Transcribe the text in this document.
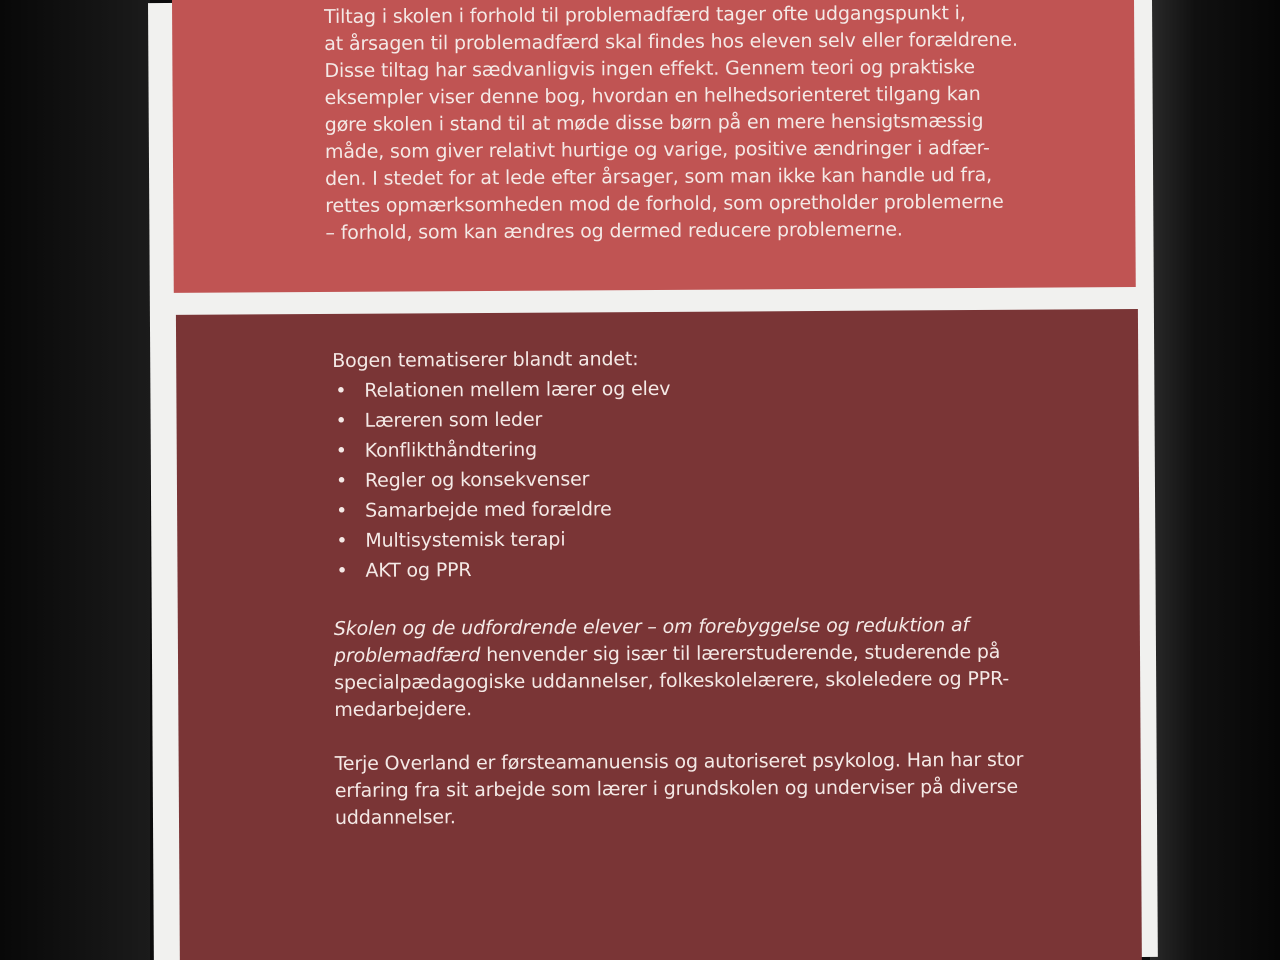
Tiltag i skolen i forhold til problemadfærd tager ofte udgangspunkt i,
at årsagen til problemadfærd skal findes hos eleven selv eller forældrene.
Disse tiltag har sædvanligvis ingen effekt. Gennem teori og praktiske
eksempler viser denne bog, hvordan en helhedsorienteret tilgang kan
gøre skolen i stand til at møde disse børn på en mere hensigtsmæssig
måde, som giver relativt hurtige og varige, positive ændringer i adfær-
den. I stedet for at lede efter årsager, som man ikke kan handle ud fra,
rettes opmærksomheden mod de forhold, som opretholder problemerne
– forhold, som kan ændres og dermed reducere problemerne.

Bogen tematiserer blandt andet:

• Relationen mellem lærer og elev
• Læreren som leder
• Konflikthåndtering
• Regler og konsekvenser
• Samarbejde med forældre
• Multisystemisk terapi
• AKT og PPR

Skolen og de udfordrende elever – om forebyggelse og reduktion af
problemadfærd henvender sig især til lærerstuderende, studerende på
specialpædagogiske uddannelser, folkeskolelærere, skoleledere og PPR-
medarbejdere.

Terje Overland er førsteamanuensis og autoriseret psykolog. Han har stor
erfaring fra sit arbejde som lærer i grundskolen og underviser på diverse
uddannelser.
